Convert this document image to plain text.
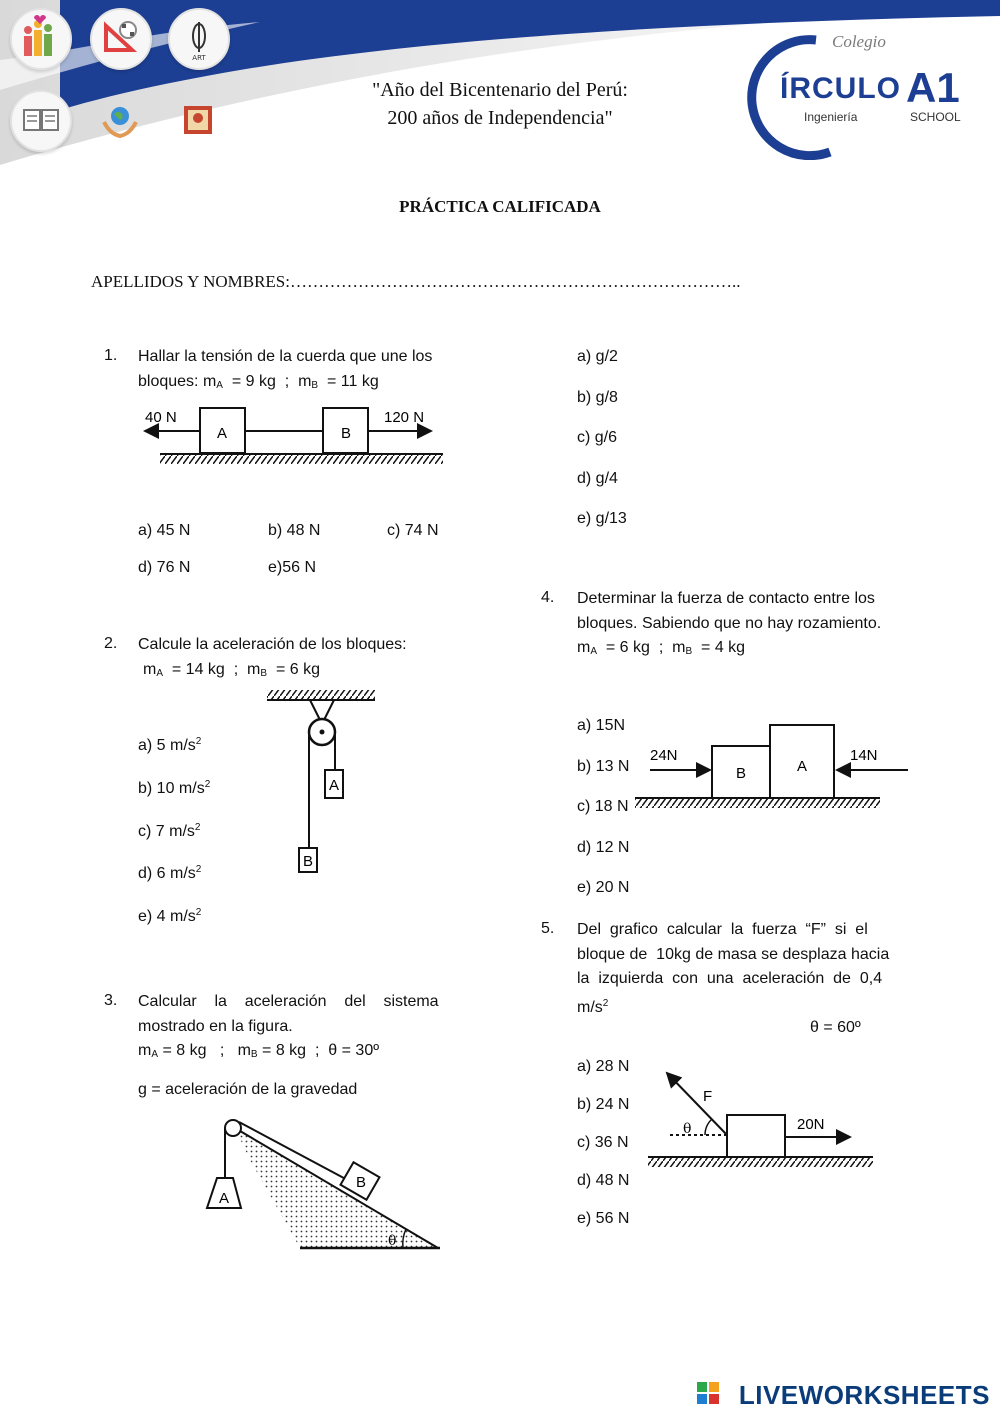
ART
"Año del Bicentenario del Perú:
200 años de Independencia"
Colegio
ÍRCULO A1
Ingeniería	SCHOOL
PRÁCTICA CALIFICADA
APELLIDOS Y NOMBRES:……………………………………………………………………..
1. Hallar la tensión de la cuerda que une los
bloques: $m_A = 9$ kg  ;  $m_B = 11$ kg
A	B
40 N	120 N
a) 45 N	b) 48 N	c) 74 N
d) 76 N	e)56 N
2. Calcule la aceleración de los bloques:
$m_A = 14$ kg  ;  $m_B = 6$ kg
a) 5 $m/s^2$
b) 10 $m/s^2$
c) 7 $m/s^2$
d) 6 $m/s^2$
e) 4 $m/s^2$
A
B
3. Calcular    la    aceleración    del    sistema
mostrado en la figura.
$m_A = 8$ kg   ;   $m_B = 8$ kg  ;  θ = 30º
g = aceleración de la gravedad
A
B
θ
a) g/2
b) g/8
c) g/6
d) g/4
e) g/13
4. Determinar la fuerza de contacto entre los
bloques. Sabiendo que no hay rozamiento.
$m_A = 6$ kg  ;  $m_B = 4$ kg
a) 15N
b) 13 N
c) 18 N
d) 12 N
e) 20 N
B	A
24N	14N
5. Del  grafico  calcular  la  fuerza  “F”  si  el
bloque de  10kg de masa se desplaza hacia
la  izquierda  con  una  aceleración  de  0,4
$m/s^2$
θ = 60º
a) 28 N
b) 24 N
c) 36 N
d) 48 N
e) 56 N
F
θ	20N
LIVEWORKSHEETS
